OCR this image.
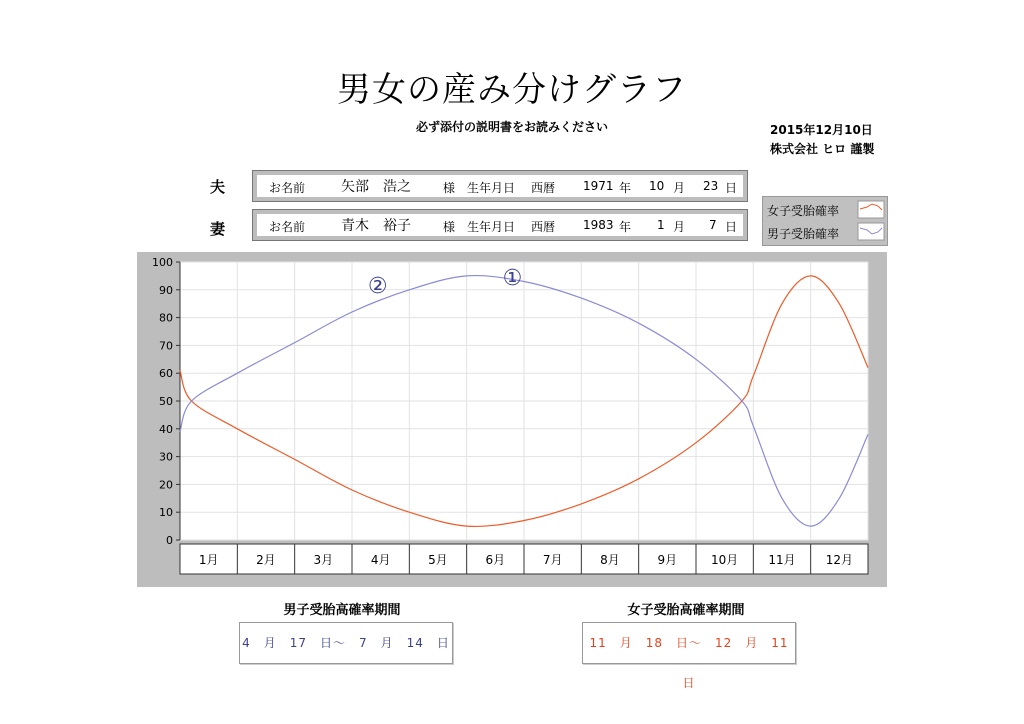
男女の産み分けグラフ
必ず添付の説明書をお読みください	2015年12月10日
株式会社 ヒロ 謹製
夫	お名前	矢部　浩之	様 生年月日 西暦 1971 年 10 月 23 日
妻	お名前	青木　裕子	様 生年月日 西暦 1983 年 1 月 7 日
女子受胎確率
男子受胎確率
0
10
20
30
40
50
60
70
80
90
100
1月	2月	3月	4月	5月	6月	7月	8月	9月	10月	11月	12月
①
②
男子受胎高確率期間
4　月　17　日～　7　月　14　日
女子受胎高確率期間
11　月　18　日～　12　月　11　日
